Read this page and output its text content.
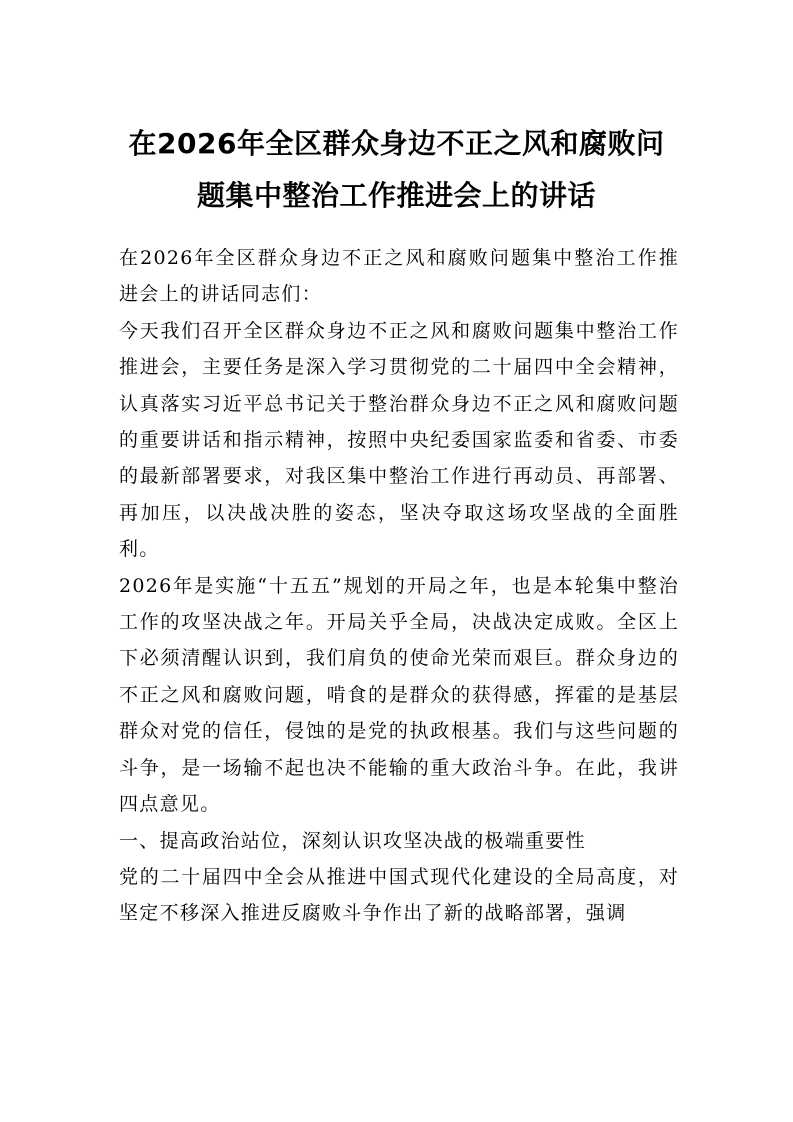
在2026年全区群众身边不正之风和腐败问
题集中整治工作推进会上的讲话

在2026年全区群众身边不正之风和腐败问题集中整治工作推进会上的讲话同志们：

今天我们召开全区群众身边不正之风和腐败问题集中整治工作推进会，主要任务是深入学习贯彻党的二十届四中全会精神，认真落实习近平总书记关于整治群众身边不正之风和腐败问题的重要讲话和指示精神，按照中央纪委国家监委和省委、市委的最新部署要求，对我区集中整治工作进行再动员、再部署、再加压，以决战决胜的姿态，坚决夺取这场攻坚战的全面胜利。

2026年是实施“十五五”规划的开局之年，也是本轮集中整治工作的攻坚决战之年。开局关乎全局，决战决定成败。全区上下必须清醒认识到，我们肩负的使命光荣而艰巨。群众身边的不正之风和腐败问题，啃食的是群众的获得感，挥霍的是基层群众对党的信任，侵蚀的是党的执政根基。我们与这些问题的斗争，是一场输不起也决不能输的重大政治斗争。在此，我讲四点意见。

一、提高政治站位，深刻认识攻坚决战的极端重要性

党的二十届四中全会从推进中国式现代化建设的全局高度，对坚定不移深入推进反腐败斗争作出了新的战略部署，强调
